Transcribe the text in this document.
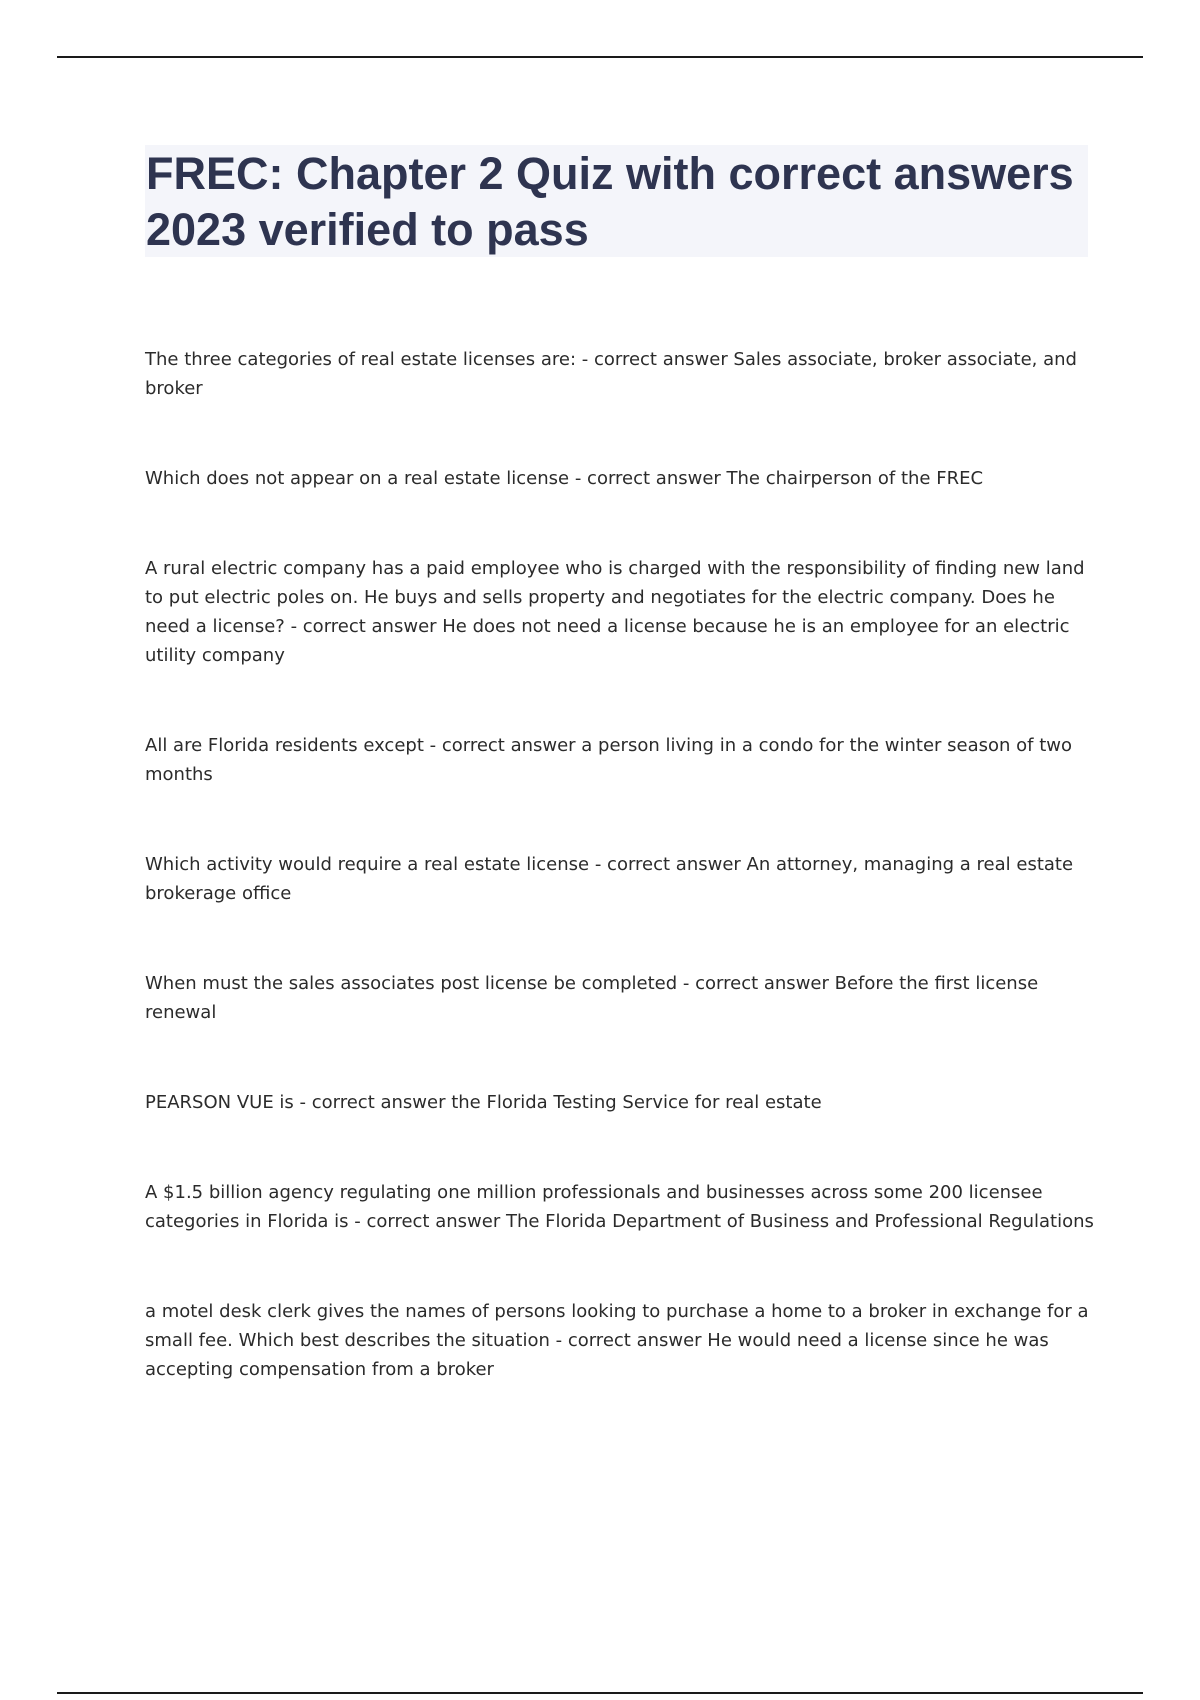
FREC: Chapter 2 Quiz with correct answers 2023 verified to pass

The three categories of real estate licenses are: - correct answer Sales associate, broker associate, and broker

Which does not appear on a real estate license - correct answer The chairperson of the FREC

A rural electric company has a paid employee who is charged with the responsibility of finding new land to put electric poles on. He buys and sells property and negotiates for the electric company. Does he need a license? - correct answer He does not need a license because he is an employee for an electric utility company

All are Florida residents except - correct answer a person living in a condo for the winter season of two months

Which activity would require a real estate license - correct answer An attorney, managing a real estate brokerage office

When must the sales associates post license be completed - correct answer Before the first license renewal

PEARSON VUE is - correct answer the Florida Testing Service for real estate

A $1.5 billion agency regulating one million professionals and businesses across some 200 licensee categories in Florida is - correct answer The Florida Department of Business and Professional Regulations

a motel desk clerk gives the names of persons looking to purchase a home to a broker in exchange for a small fee. Which best describes the situation - correct answer He would need a license since he was accepting compensation from a broker
